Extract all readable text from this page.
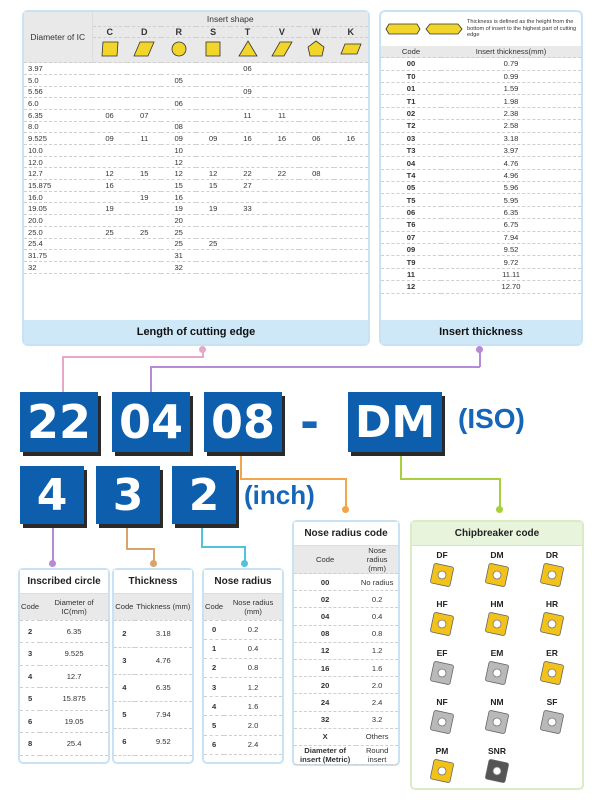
Diameter of IC	Insert shape							
	C	D	R	S	T	V	W	K

3.97					06			
5.0			05					
5.56					09			
6.0			06					
6.35	06	07			11	11		
8.0			08					
9.525	09	11	09	09	16	16	06	16
10.0			10					
12.0			12					
12.7	12	15	12	12	22	22	08	
15.875	16		15	15	27			
16.0		19	16					
19.05	19		19	19	33			
20.0			20					
25.0	25	25	25					
25.4			25	25				
31.75			31					
32			32					
Length of cutting edge
Thickness is defined as the height from the bottom of insert to the highest part of cutting edge
Code	Insert thickness(mm)
00	0.79
T0	0.99
01	1.59
T1	1.98
02	2.38
T2	2.58
03	3.18
T3	3.97
04	4.76
T4	4.96
05	5.96
T5	5.95
06	6.35
T6	6.75
07	7.94
09	9.52
T9	9.72
11	11.11
12	12.70
Insert thickness
22 04 08 - DM (ISO)
4	3	2 (inch)
Inscribed circle
Code	Diameter of IC(mm)
2	6.35
3	9.525
4	12.7
5	15.875
6	19.05
8	25.4
Thickness
Code	Thickness (mm)
2	3.18
3	4.76
4	6.35
5	7.94
6	9.52
Nose radius
Code	Nose radius (mm)
0	0.2
1	0.4
2	0.8
3	1.2
4	1.6
5	2.0
6	2.4
Nose radius code
Code	Nose radius (mm)
00	No radius
02	0.2
04	0.4
08	0.8
12	1.2
16	1.6
20	2.0
24	2.4
32	3.2
X	Others
Diameter of insert (Metric)	Round insert
Chipbreaker code
DF	DM	DR
HF	HM	HR
EF	EM	ER
NF	NM	SF
PM	SNR
